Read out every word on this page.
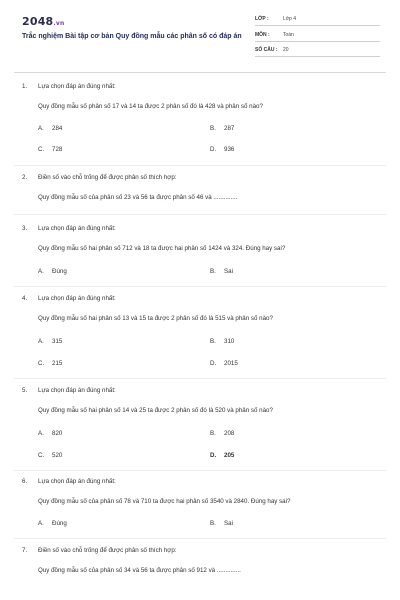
2048.vn
Trắc nghiệm Bài tập cơ bản Quy đồng mẫu các phân số có đáp án
LỚP :	Lớp 4
MÔN :	Toán
SỐ CÂU : 20
1. Lựa chọn đáp án đúng nhất:
Quy đồng mẫu số phân số 17 và 14 ta được 2 phân số đó là 428 và phân số nào?
A. 284	B. 287
C. 728	D. 936
2. Điền số vào chỗ trống để được phân số thích hợp:
Quy đồng mẫu số của phân số 23 và 56 ta được phân số 46 và ..............
3. Lựa chọn đáp án đúng nhất:
Quy đồng mẫu số hai phân số 712 và 18 ta được hai phân số 1424 và 324. Đúng hay sai?
A. Đúng	B. Sai
4. Lựa chọn đáp án đúng nhất:
Quy đồng mẫu số hai phân số 13 và 15 ta được 2 phân số đó là 515 và phân số nào?
A. 315	B. 310
C. 215	D. 2015
5. Lựa chọn đáp án đúng nhất:
Quy đồng mẫu số hai phân số 14 và 25 ta được 2 phân số đó là 520 và phân số nào?
A. 820	B. 208
C. 520	D. 205
6. Lựa chọn đáp án đúng nhất:
Quy đồng mẫu số của phân số 78 và 710 ta được hai phân số 3540 và 2840. Đúng hay sai?
A. Đúng	B. Sai
7. Điền số vào chỗ trống để được phân số thích hợp:
Quy đồng mẫu số của phân số 34 và 56 ta được phân số 912 và ..............
